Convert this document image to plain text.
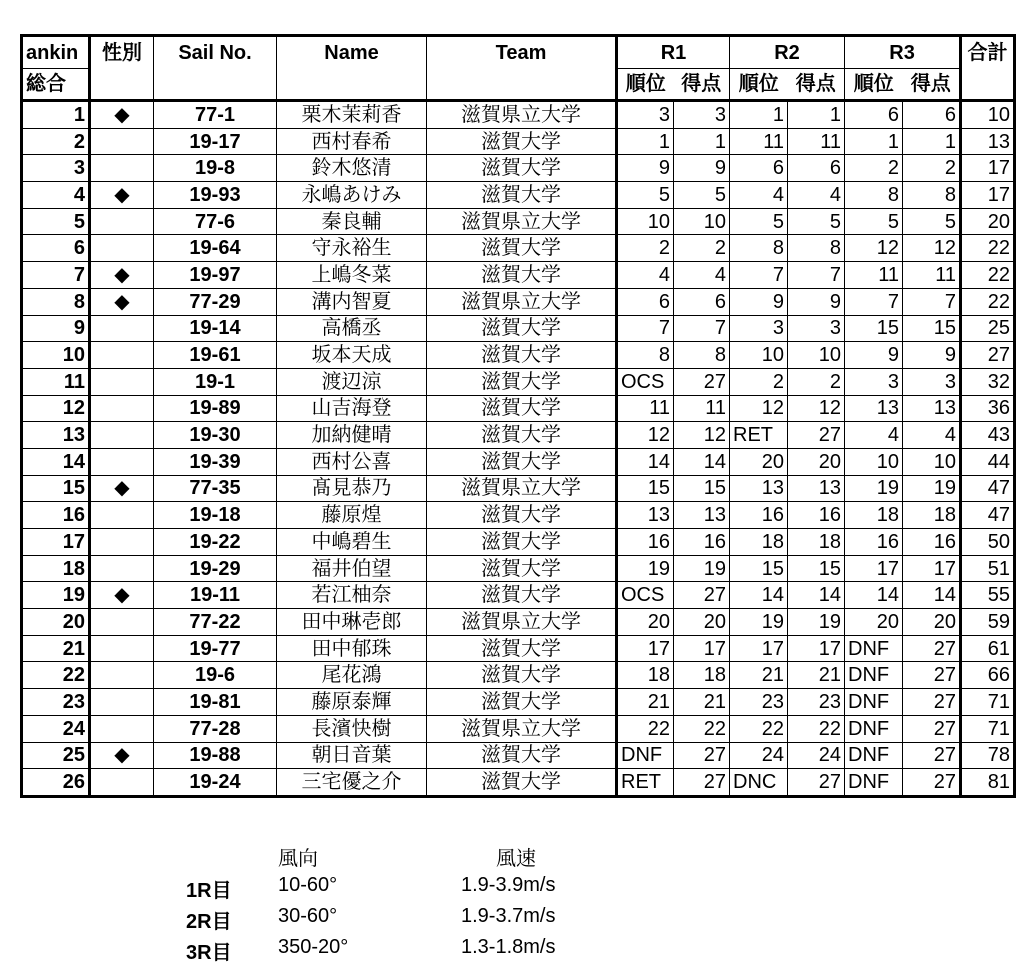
ankin	性別	Sail No.	Name	Team	R1		R2		R3		合計
総合					順位	得点	順位	得点	順位	得点	
1	◆	77-1	栗木茉莉香	滋賀県立大学	3	3	1	1	6	6	10
2		19-17	西村春希	滋賀大学	1	1	11	11	1	1	13
3		19-8	鈴木悠清	滋賀大学	9	9	6	6	2	2	17
4	◆	19-93	永嶋あけみ	滋賀大学	5	5	4	4	8	8	17
5		77-6	秦良輔	滋賀県立大学	10	10	5	5	5	5	20
6		19-64	守永裕生	滋賀大学	2	2	8	8	12	12	22
7	◆	19-97	上嶋冬菜	滋賀大学	4	4	7	7	11	11	22
8	◆	77-29	溝内智夏	滋賀県立大学	6	6	9	9	7	7	22
9		19-14	高橋丞	滋賀大学	7	7	3	3	15	15	25
10		19-61	坂本天成	滋賀大学	8	8	10	10	9	9	27
11		19-1	渡辺涼	滋賀大学	OCS	27	2	2	3	3	32
12		19-89	山吉海登	滋賀大学	11	11	12	12	13	13	36
13		19-30	加納健晴	滋賀大学	12	12	RET	27	4	4	43
14		19-39	西村公喜	滋賀大学	14	14	20	20	10	10	44
15	◆	77-35	髙見恭乃	滋賀県立大学	15	15	13	13	19	19	47
16		19-18	藤原煌	滋賀大学	13	13	16	16	18	18	47
17		19-22	中嶋碧生	滋賀大学	16	16	18	18	16	16	50
18		19-29	福井伯望	滋賀大学	19	19	15	15	17	17	51
19	◆	19-11	若江柚奈	滋賀大学	OCS	27	14	14	14	14	55
20		77-22	田中琳壱郎	滋賀県立大学	20	20	19	19	20	20	59
21		19-77	田中郁珠	滋賀大学	17	17	17	17	DNF	27	61
22		19-6	尾花鴻	滋賀大学	18	18	21	21	DNF	27	66
23		19-81	藤原泰輝	滋賀大学	21	21	23	23	DNF	27	71
24		77-28	長濱快樹	滋賀県立大学	22	22	22	22	DNF	27	71
25	◆	19-88	朝日音葉	滋賀大学	DNF	27	24	24	DNF	27	78
26		19-24	三宅優之介	滋賀大学	RET	27	DNC	27	DNF	27	81
風向	風速
1R目 10-60°	1.9-3.9m/s
2R目 30-60°	1.9-3.7m/s
3R目 350-20°	1.3-1.8m/s
